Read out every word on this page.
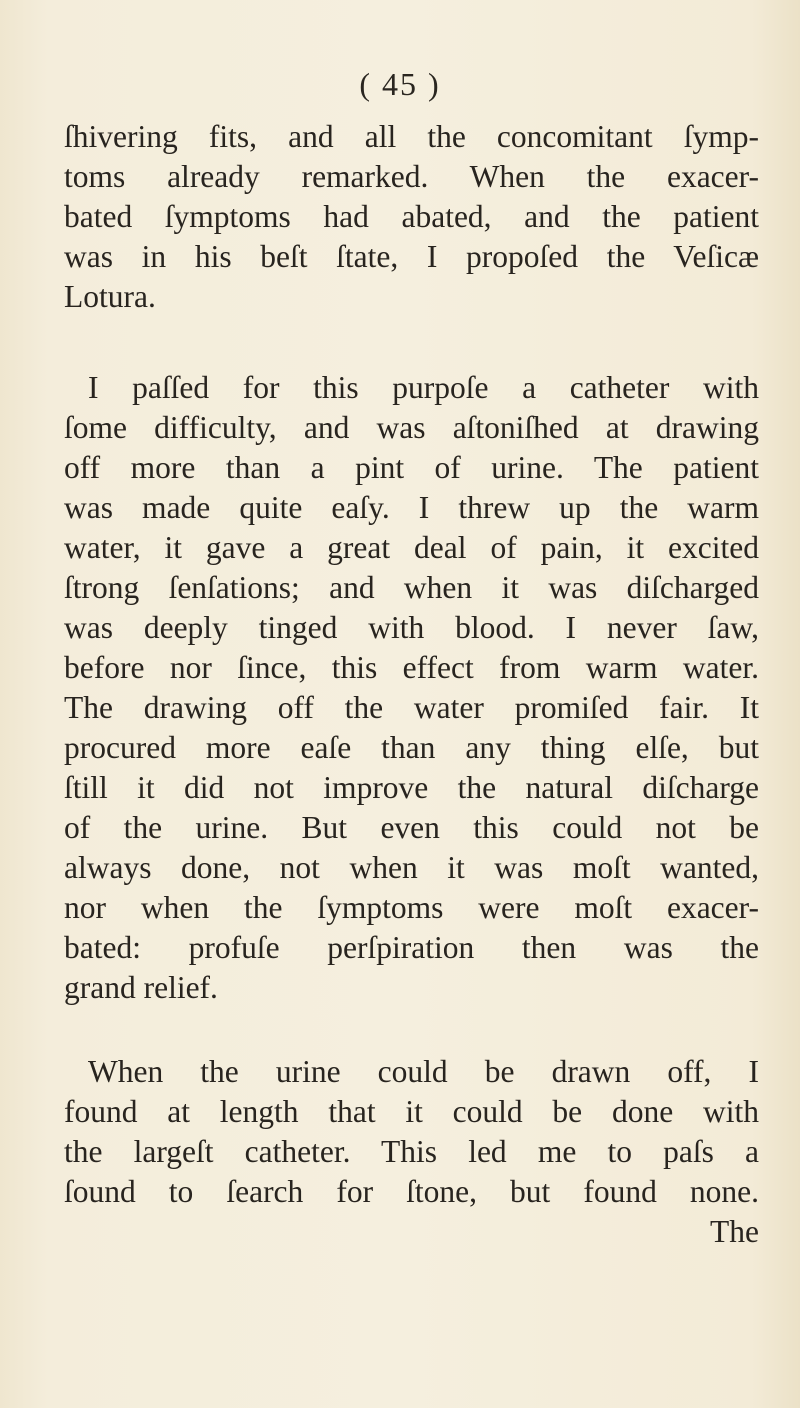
( 45 )
ſhivering fits, and all the concomitant ſymp-
toms already remarked. When the exacer-
bated ſymptoms had abated, and the patient
was in his beſt ſtate, I propoſed the Veſicæ
Lotura.
I paſſed for this purpoſe a catheter with
ſome difficulty, and was aſtoniſhed at drawing
off more than a pint of urine. The patient
was made quite eaſy. I threw up the warm
water, it gave a great deal of pain, it excited
ſtrong ſenſations; and when it was diſcharged
was deeply tinged with blood. I never ſaw,
before nor ſince, this effect from warm water.
The drawing off the water promiſed fair. It
procured more eaſe than any thing elſe, but
ſtill it did not improve the natural diſcharge
of the urine. But even this could not be
always done, not when it was moſt wanted,
nor when the ſymptoms were moſt exacer-
bated: profuſe perſpiration then was the
grand relief.
When the urine could be drawn off, I
found at length that it could be done with
the largeſt catheter. This led me to paſs a
ſound to ſearch for ſtone, but found none.
The
